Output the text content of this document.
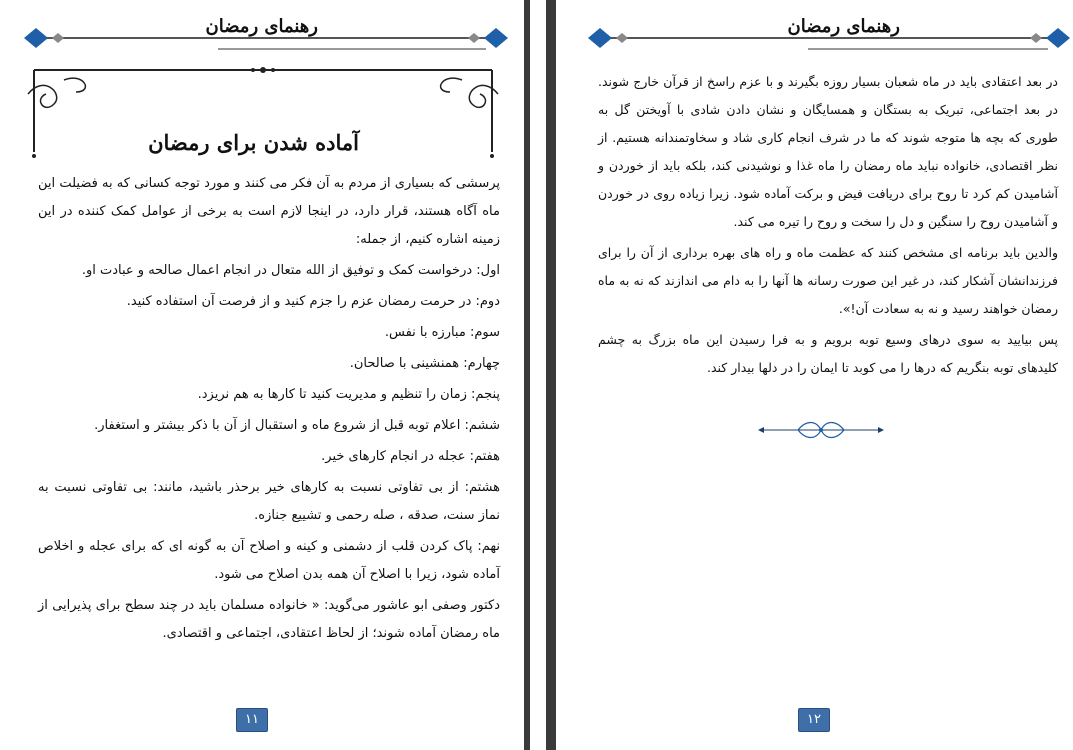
رهنمای رمضان
آماده شدن برای رمضان

پرسشی که بسیاری از مردم به آن فکر می کنند و مورد توجه کسانی که به فضیلت این ماه آگاه هستند، قرار دارد، در اینجا لازم است به برخی از عوامل کمک کننده در این زمینه اشاره کنیم، از جمله:

اول: درخواست کمک و توفیق از الله متعال در انجام اعمال صالحه و عبادت او.

دوم: در حرمت رمضان عزم را جزم کنید و از فرصت آن استفاده کنید.

سوم: مبارزه با نفس.

چهارم: همنشینی با صالحان.

پنجم: زمان را تنظیم و مدیریت کنید تا کارها به هم نریزد.

ششم: اعلام توبه قبل از شروع ماه و استقبال از آن با ذکر بیشتر و استغفار.

هفتم: عجله در انجام کارهای خیر.

هشتم: از بی تفاوتی نسبت به کارهای خیر برحذر باشید، مانند: بی تفاوتی نسبت به نماز سنت، صدقه ، صله رحمی و تشییع جنازه.

نهم: پاک کردن قلب از دشمنی و کینه و اصلاح آن به گونه ای که برای عجله و اخلاص آماده شود، زیرا با اصلاح آن همه بدن اصلاح می شود.

دکتور وصفی ابو عاشور می‌گوید: « خانواده مسلمان باید در چند سطح برای پذیرایی از ماه رمضان آماده شوند؛ از لحاظ اعتقادی، اجتماعی و اقتصادی.

۱۱
رهنمای رمضان

در بعد اعتقادی باید در ماه شعبان بسیار روزه بگیرند و با عزم راسخ از قرآن خارج شوند. در بعد اجتماعی، تبریک به بستگان و همسایگان و نشان دادن شادی با آویختن گل به طوری که بچه ها متوجه شوند که ما در شرف انجام کاری شاد و سخاوتمندانه هستیم. از نظر اقتصادی، خانواده نباید ماه رمضان را ماه غذا و نوشیدنی کند، بلکه باید از خوردن و آشامیدن کم کرد تا روح برای دریافت فیض و برکت آماده شود. زیرا زیاده روی در خوردن و آشامیدن روح را سنگین و دل را سخت و روح را تیره می کند.

والدین باید برنامه ای مشخص کنند که عظمت ماه و راه های بهره برداری از آن را برای فرزندانشان آشکار کند، در غیر این صورت رسانه ها آنها را به دام می اندازند که نه به ماه رمضان خواهند رسید و نه به سعادت آن!».

پس بیایید به سوی درهای وسیع توبه برویم و به فرا رسیدن این ماه بزرگ به چشم کلیدهای توبه بنگریم که درها را می کوبد تا ایمان را در دلها بیدار کند.

۱۲
